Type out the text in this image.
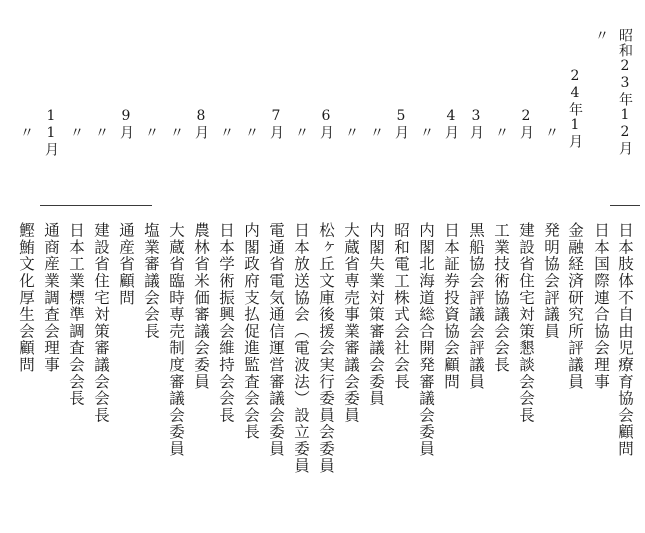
昭和23年12月
日本肢体不自由児療育協会顧問
〃
日本国際連合協会理事
24年1月
金融経済研究所評議員
〃
発明協会評議員
2月
建設省住宅対策懇談会会長
〃
工業技術協議会会長
3月
黒船協会評議会評議員
4月
日本証券投資協会顧問
〃
内閣北海道総合開発審議会委員
5月
昭和電工株式会社会長
〃
内閣失業対策審議会委員
〃
大蔵省専売事業審議会委員
6月
松ヶ丘文庫後援会実行委員会委員
〃
日本放送協会（電波法）設立委員
7月
電通省電気通信運営審議会委員
〃
内閣政府支払促進監査会会長
〃
日本学術振興会維持会会長
8月
農林省米価審議会委員
〃
大蔵省臨時専売制度審議会委員
〃
塩業審議会会長
9月
通産省顧問
〃
建設省住宅対策審議会会長
〃
日本工業標準調査会会長
11月
通商産業調査会理事
〃
鰹鮪文化厚生会顧問
